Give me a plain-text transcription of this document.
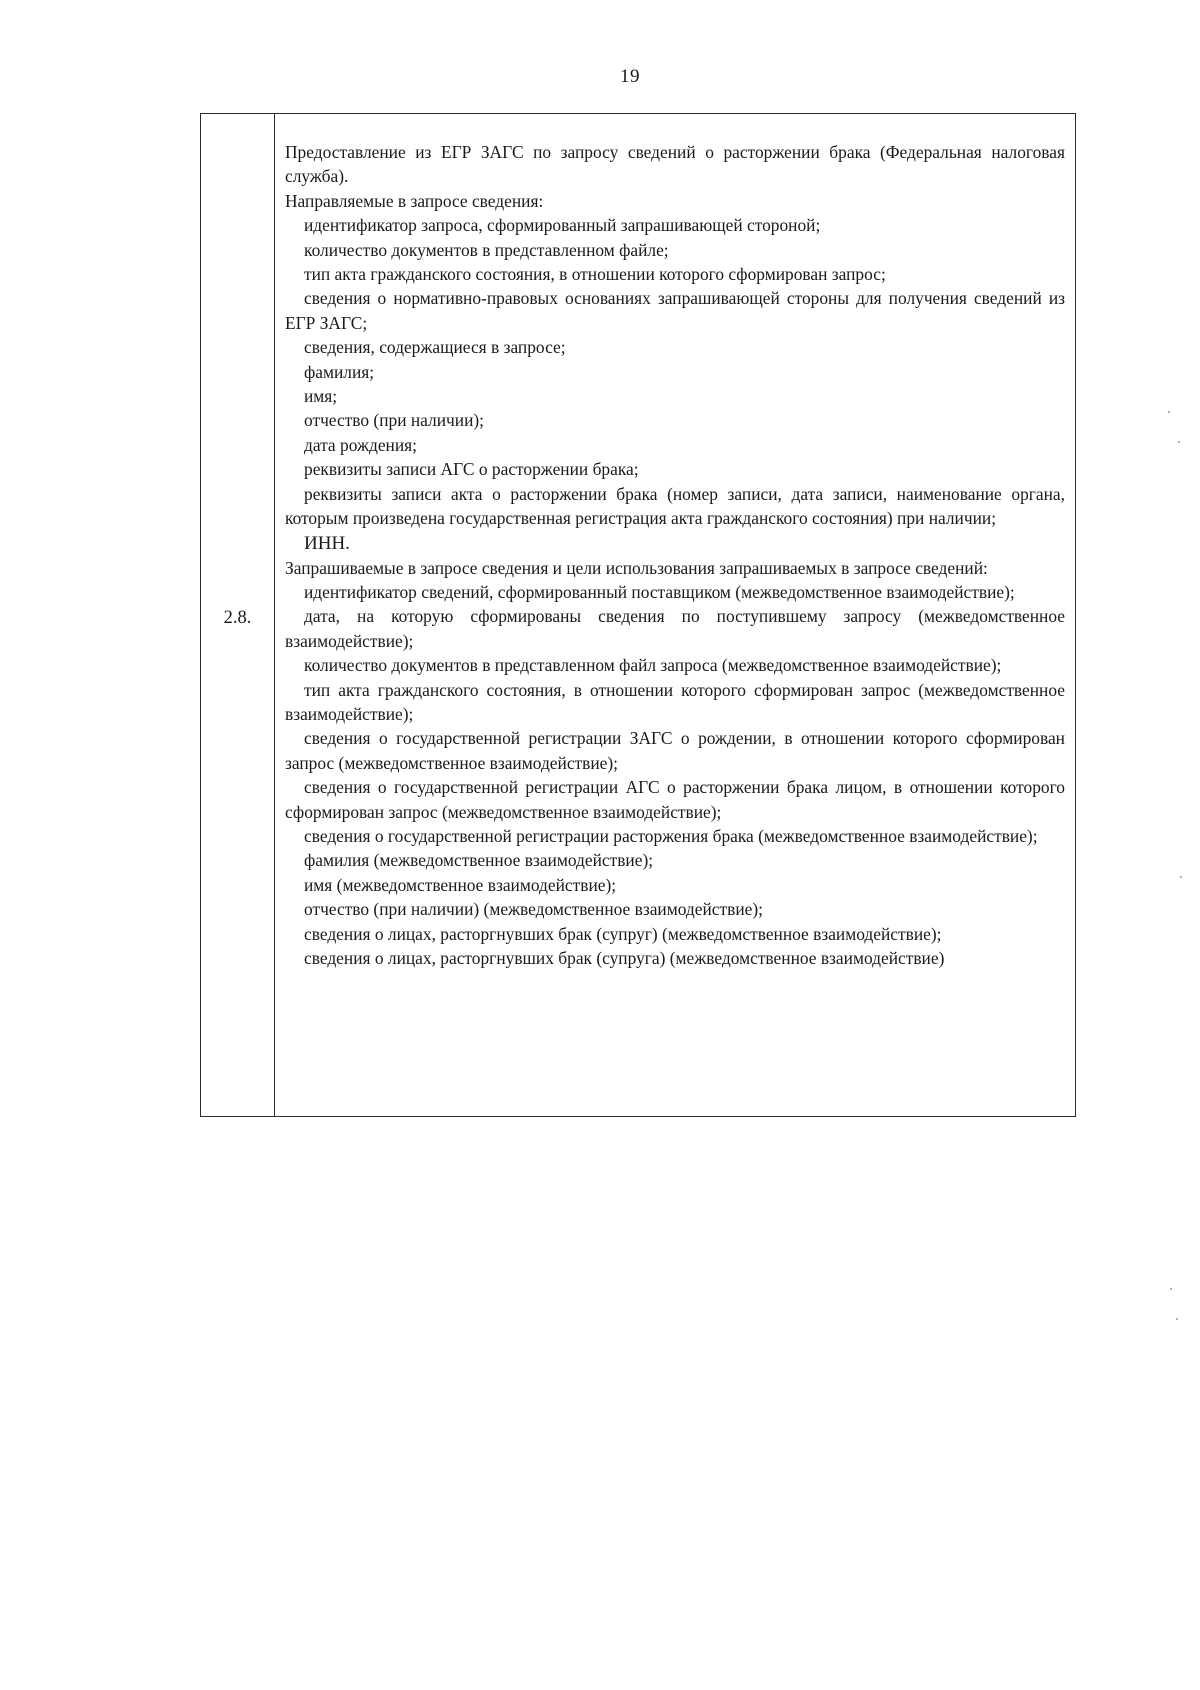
19
2.8.

Предоставление из ЕГР ЗАГС по запросу сведений о расторжении брака (Федеральная налоговая служба).

Направляемые в запросе сведения:

идентификатор запроса, сформированный запрашивающей стороной;

количество документов в представленном файле;

тип акта гражданского состояния, в отношении которого сформирован запрос;

сведения о нормативно-правовых основаниях запрашивающей стороны для получения сведений из ЕГР ЗАГС;

сведения, содержащиеся в запросе;

фамилия;

имя;

отчество (при наличии);

дата рождения;

реквизиты записи АГС о расторжении брака;

реквизиты записи акта о расторжении брака (номер записи, дата записи, наименование органа, которым произведена государственная регистрация акта гражданского состояния) при наличии;

ИНН.

Запрашиваемые в запросе сведения и цели использования запрашиваемых в запросе сведений:

идентификатор сведений, сформированный поставщиком (межведомственное взаимодействие);

дата, на которую сформированы сведения по поступившему запросу (межведомственное взаимодействие);

количество документов в представленном файл запроса (межведомственное взаимодействие);

тип акта гражданского состояния, в отношении которого сформирован запрос (межведомственное взаимодействие);

сведения о государственной регистрации ЗАГС о рождении, в отношении которого сформирован запрос (межведомственное взаимодействие);

сведения о государственной регистрации АГС о расторжении брака лицом, в отношении которого сформирован запрос (межведомственное взаимодействие);

сведения о государственной регистрации расторжения брака (межведомственное взаимодействие);

фамилия (межведомственное взаимодействие);

имя (межведомственное взаимодействие);

отчество (при наличии) (межведомственное взаимодействие);

сведения о лицах, расторгнувших брак (супруг) (межведомственное взаимодействие);

сведения о лицах, расторгнувших брак (супруга) (межведомственное взаимодействие)
